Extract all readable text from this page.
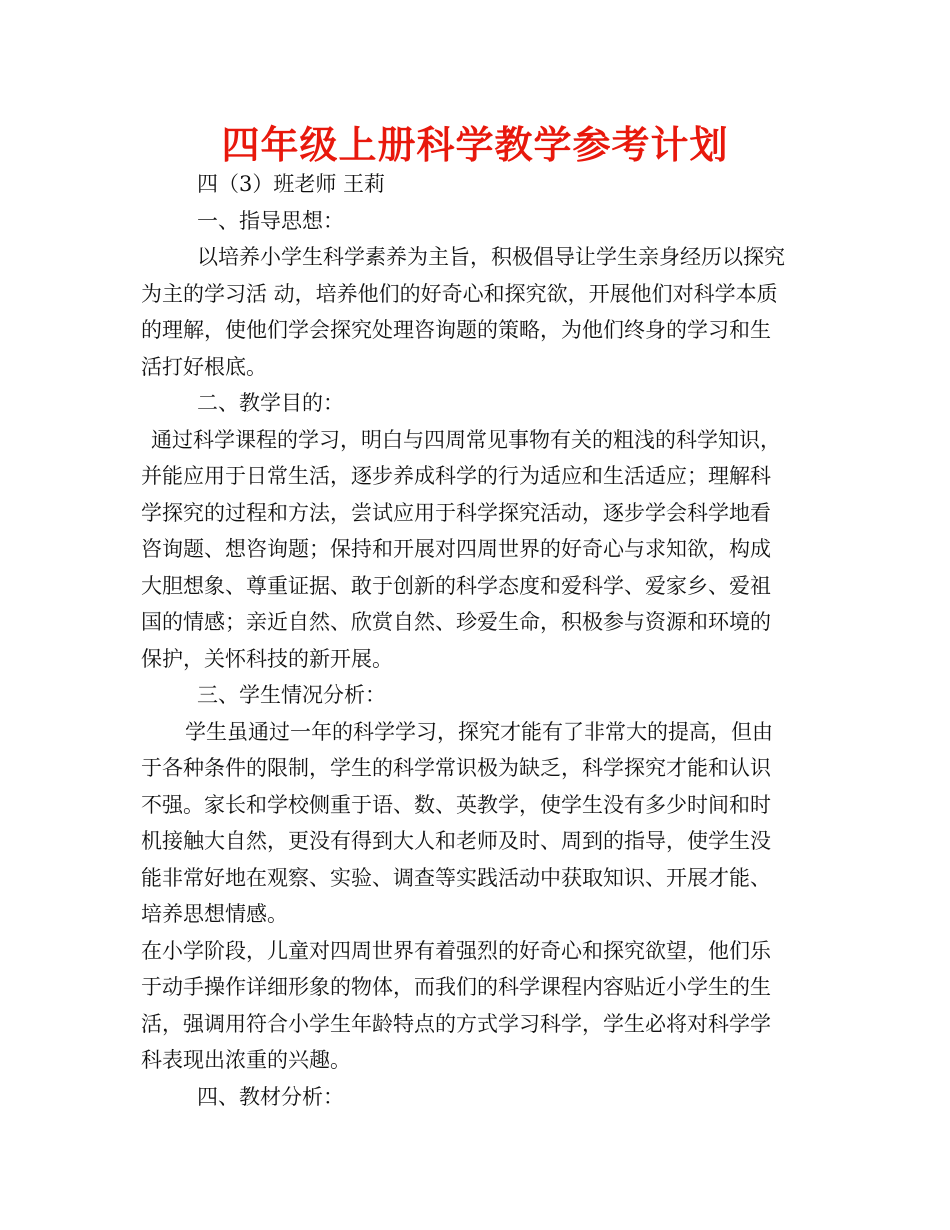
四年级上册科学教学参考计划
四（3）班老师 王莉
一、指导思想：
以培养小学生科学素养为主旨，积极倡导让学生亲身经历以探究
为主的学习活 动，培养他们的好奇心和探究欲，开展他们对科学本质
的理解，使他们学会探究处理咨询题的策略，为他们终身的学习和生
活打好根底。
二、教学目的：
通过科学课程的学习，明白与四周常见事物有关的粗浅的科学知识，
并能应用于日常生活，逐步养成科学的行为适应和生活适应；理解科
学探究的过程和方法，尝试应用于科学探究活动，逐步学会科学地看
咨询题、想咨询题；保持和开展对四周世界的好奇心与求知欲，构成
大胆想象、尊重证据、敢于创新的科学态度和爱科学、爱家乡、爱祖
国的情感；亲近自然、欣赏自然、珍爱生命，积极参与资源和环境的
保护，关怀科技的新开展。
三、学生情况分析：
学生虽通过一年的科学学习，探究才能有了非常大的提高，但由
于各种条件的限制，学生的科学常识极为缺乏，科学探究才能和认识
不强。家长和学校侧重于语、数、英教学，使学生没有多少时间和时
机接触大自然，更没有得到大人和老师及时、周到的指导，使学生没
能非常好地在观察、实验、调查等实践活动中获取知识、开展才能、
培养思想情感。
在小学阶段，儿童对四周世界有着强烈的好奇心和探究欲望，他们乐
于动手操作详细形象的物体，而我们的科学课程内容贴近小学生的生
活，强调用符合小学生年龄特点的方式学习科学，学生必将对科学学
科表现出浓重的兴趣。
四、教材分析：
